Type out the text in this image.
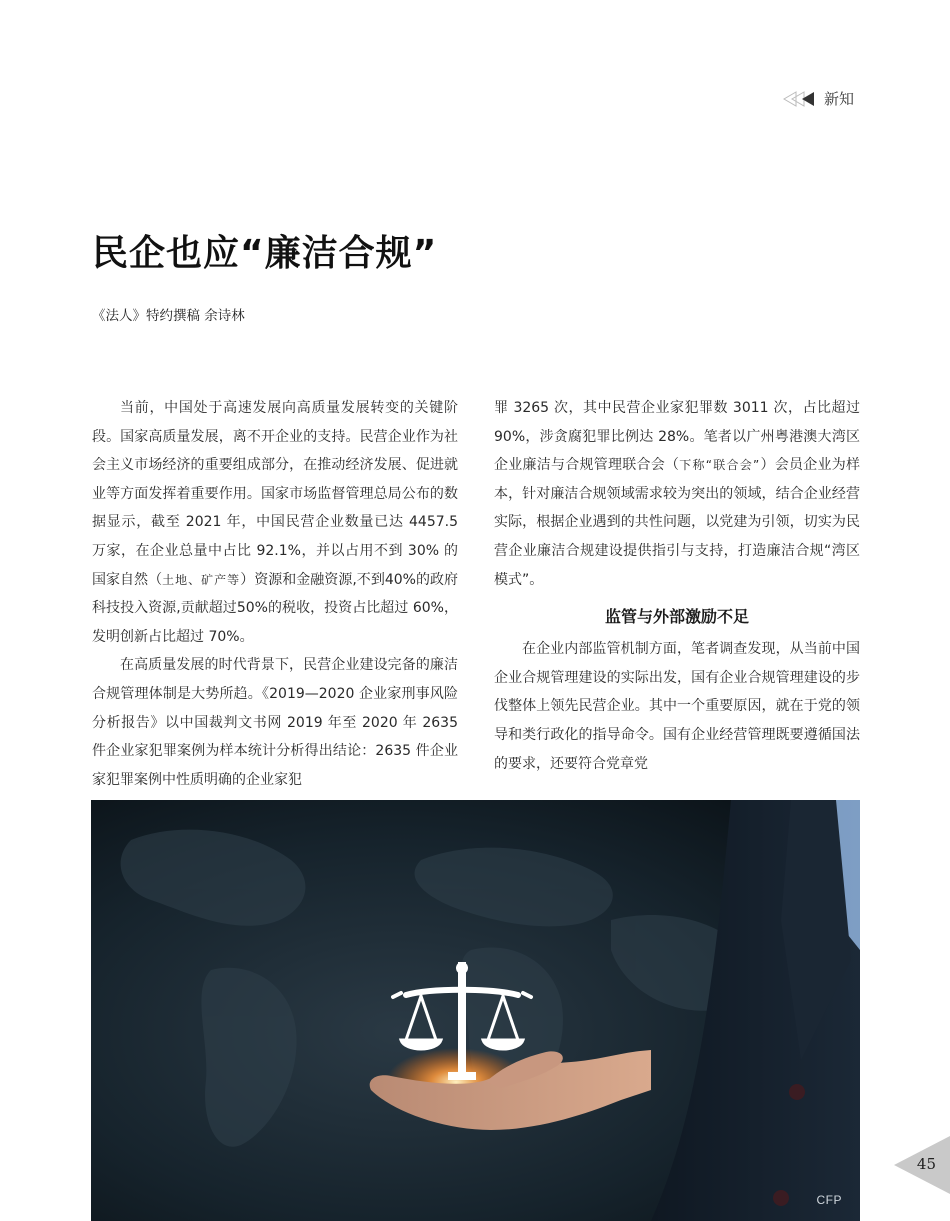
新知
民企也应“廉洁合规”
《法人》特约撰稿 余诗林

当前，中国处于高速发展向高质量发展转变的关键阶段。国家高质量发展，离不开企业的支持。民营企业作为社会主义市场经济的重要组成部分，在推动经济发展、促进就业等方面发挥着重要作用。国家市场监督管理总局公布的数据显示，截至 2021 年，中国民营企业数量已达 4457.5 万家，在企业总量中占比 92.1%，并以占用不到 30% 的国家自然（土地、矿产等）资源和金融资源,不到40%的政府科技投入资源,贡献超过50%的税收，投资占比超过 60%，发明创新占比超过 70%。

在高质量发展的时代背景下，民营企业建设完备的廉洁合规管理体制是大势所趋。《2019—2020 企业家刑事风险分析报告》以中国裁判文书网 2019 年至 2020 年 2635 件企业家犯罪案例为样本统计分析得出结论：2635 件企业家犯罪案例中性质明确的企业家犯

罪 3265 次，其中民营企业家犯罪数 3011 次，占比超过 90%，涉贪腐犯罪比例达 28%。笔者以广州粤港澳大湾区企业廉洁与合规管理联合会（下称“联合会”）会员企业为样本，针对廉洁合规领域需求较为突出的领域，结合企业经营实际，根据企业遇到的共性问题，以党建为引领，切实为民营企业廉洁合规建设提供指引与支持，打造廉洁合规“湾区模式”。

监管与外部激励不足

在企业内部监管机制方面，笔者调查发现，从当前中国企业合规管理建设的实际出发，国有企业合规管理建设的步伐整体上领先民营企业。其中一个重要原因，就在于党的领导和类行政化的指导命令。国有企业经营管理既要遵循国法的要求，还要符合党章党

CFP
45
